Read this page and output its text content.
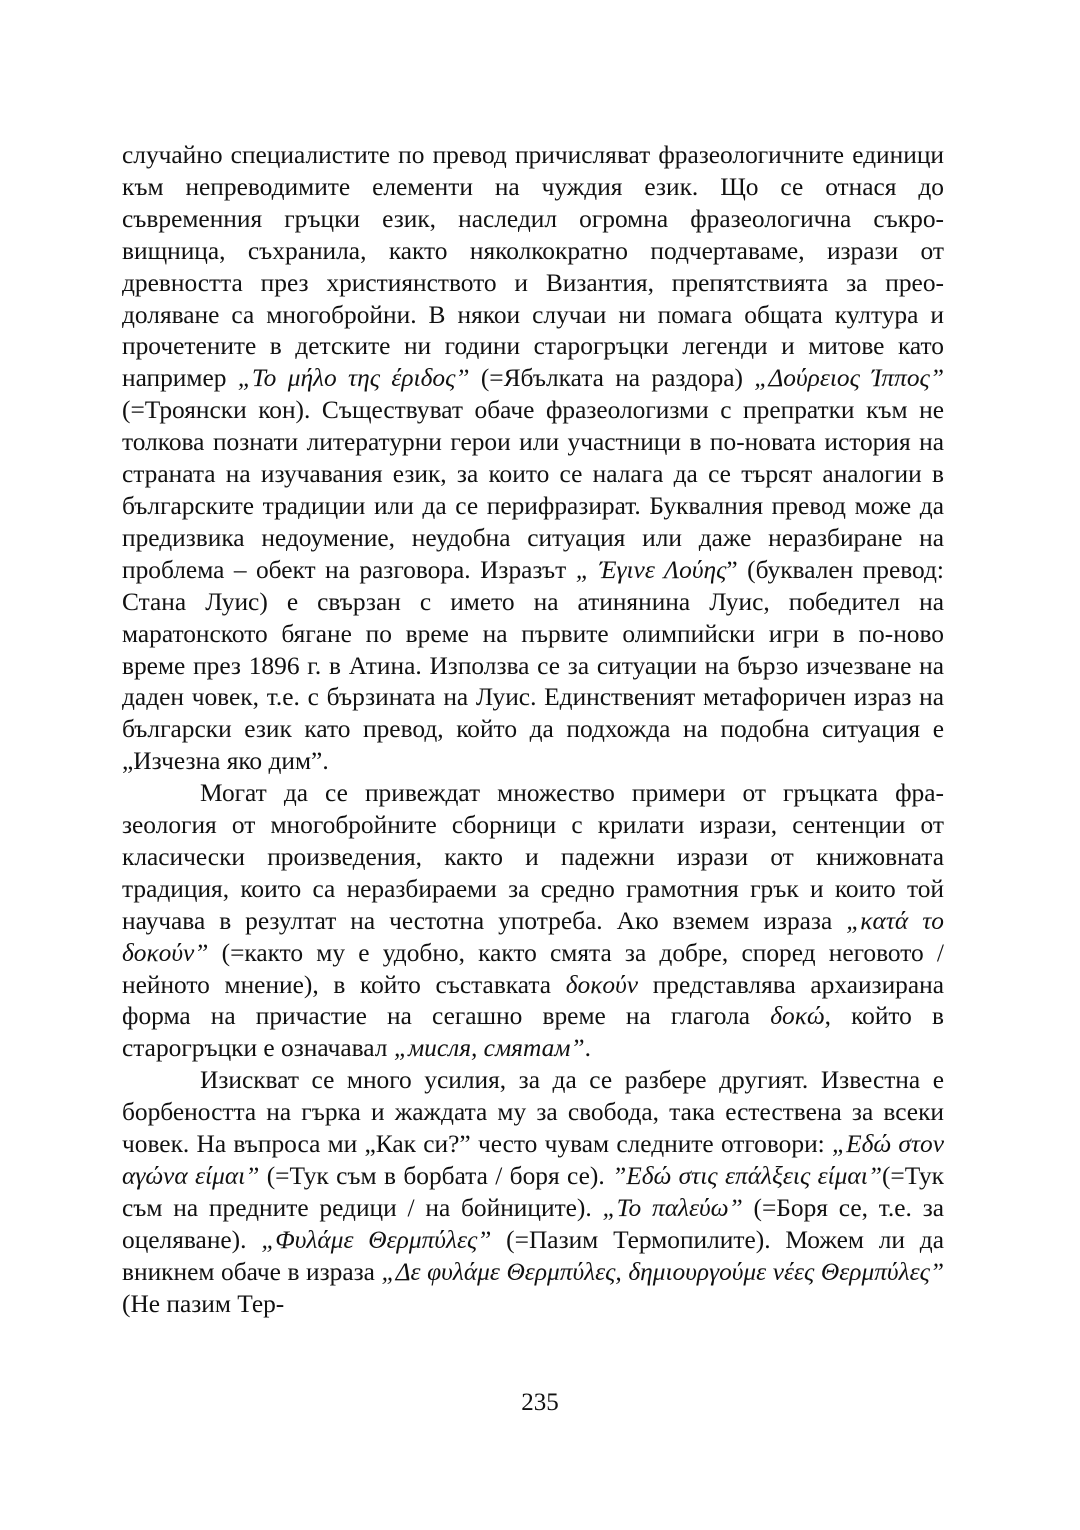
случайно специалистите по превод причисляват фразеологичните единици към непреводимите елементи на чуждия език. Що се отнася до съвременния гръцки език, наследил огромна фразеологична съкровищница, съхранила, както няколкократно подчертаваме, изрази от древността през християнството и Византия, препятствията за преодоляване са многобройни. В някои случаи ни помага общата култура и прочетените в детските ни години старогръцки легенди и митове като например „Το μήλο της έριδος” (=Ябълката на раздора) „Δούρειος Ίππος” (=Троянски кон). Съществуват обаче фразеологизми с препратки към не толкова познати литературни герои или участници в по-новата история на страната на изучавания език, за които се налага да се търсят аналогии в българските традиции или да се перифразират. Буквалния превод може да предизвика недоумение, неудобна ситуация или даже неразбиране на проблема – обект на разговора. Изразът „ Έγινε Λούης” (буквален превод: Стана Луис) е свързан с името на атинянина Луис, победител на маратонското бягане по време на първите олимпийски игри в по-ново време през 1896 г. в Атина. Използва се за ситуации на бързо изчезване на даден човек, т.е. с бързината на Луис. Единственият метафоричен израз на български език като превод, който да подхожда на подобна ситуация е „Изчезна яко дим”.

Могат да се привеждат множество примери от гръцката фразеология от многобройните сборници с крилати изрази, сентенции от класически произведения, както и падежни изрази от книжовната традиция, които са неразбираеми за средно грамотния грък и които той научава в резултат на честотна употреба. Ако вземем израза „κατά το δοκούν” (=както му е удобно, както смята за добре, според неговото / нейното мнение), в който съставката δοκούν представлява архаизирана форма на причастие на сегашно време на глагола δοκώ, който в старогръцки е означавал „мисля, смятам”.

Изискват се много усилия, за да се разбере другият. Известна е борбеността на гърка и жаждата му за свобода, така естествена за всеки човек. На въпроса ми „Как си?” често чувам следните отговори: „Εδώ στον αγώνα είμαι” (=Тук съм в борбата / боря се). ”Εδώ στις επάλξεις είμαι”(=Тук съм на предните редици / на бойниците). „Το παλεύω” (=Боря се, т.е. за оцеляване). „Φυλάμε Θερμπύλες” (=Пазим Термопилите). Можем ли да вникнем обаче в израза „Δε φυλάμε Θερμπύλες, δημιουργούμε νέες Θερμπύλες” (Не пазим Тер-

235
